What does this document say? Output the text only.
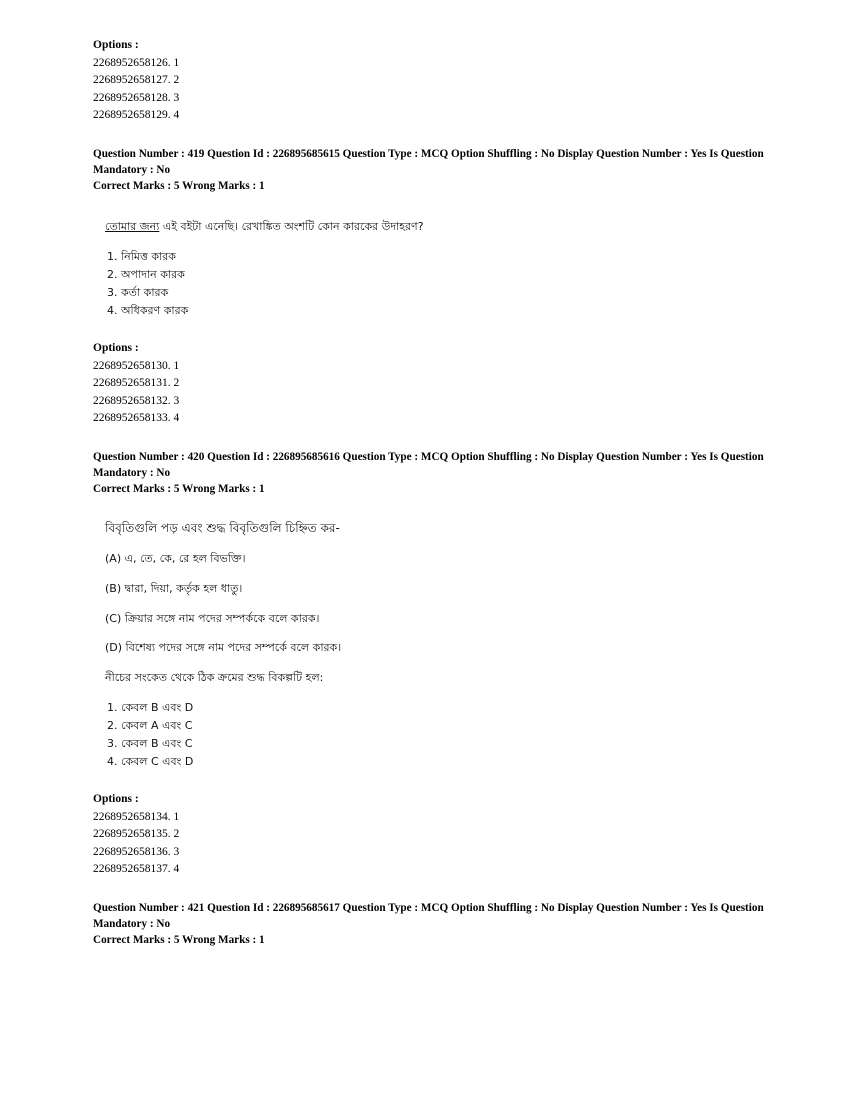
Options :
2268952658126. 1
2268952658127. 2
2268952658128. 3
2268952658129. 4
Question Number : 419 Question Id : 226895685615 Question Type : MCQ Option Shuffling : No Display Question Number : Yes Is Question Mandatory : No
Correct Marks : 5 Wrong Marks : 1
তোমার জন্য এই বইটা এনেছি। রেখাঙ্কিত অংশটি কোন কারকের উদাহরণ?
1. নিমিত্ত কারক
2. অপাদান কারক
3. কর্তা কারক
4. অধিকরণ কারক
Options :
2268952658130. 1
2268952658131. 2
2268952658132. 3
2268952658133. 4
Question Number : 420 Question Id : 226895685616 Question Type : MCQ Option Shuffling : No Display Question Number : Yes Is Question Mandatory : No
Correct Marks : 5 Wrong Marks : 1
বিবৃতিগুলি পড় এবং শুদ্ধ বিবৃতিগুলি চিহ্নিত কর-
(A) এ, তে, কে, রে হল বিভক্তি।
(B) দ্বারা, দিয়া, কর্তৃক হল ধাতু।
(C) ক্রিয়ার সঙ্গে নাম পদের সম্পর্ককে বলে কারক।
(D) বিশেষ্য পদের সঙ্গে নাম পদের সম্পর্কে বলে কারক।
নীচের সংকেত থেকে ঠিক ক্রমের শুদ্ধ বিকল্পটি হল:
1. কেবল B এবং D
2. কেবল A এবং C
3. কেবল B এবং C
4. কেবল C এবং D
Options :
2268952658134. 1
2268952658135. 2
2268952658136. 3
2268952658137. 4
Question Number : 421 Question Id : 226895685617 Question Type : MCQ Option Shuffling : No Display Question Number : Yes Is Question Mandatory : No
Correct Marks : 5 Wrong Marks : 1
